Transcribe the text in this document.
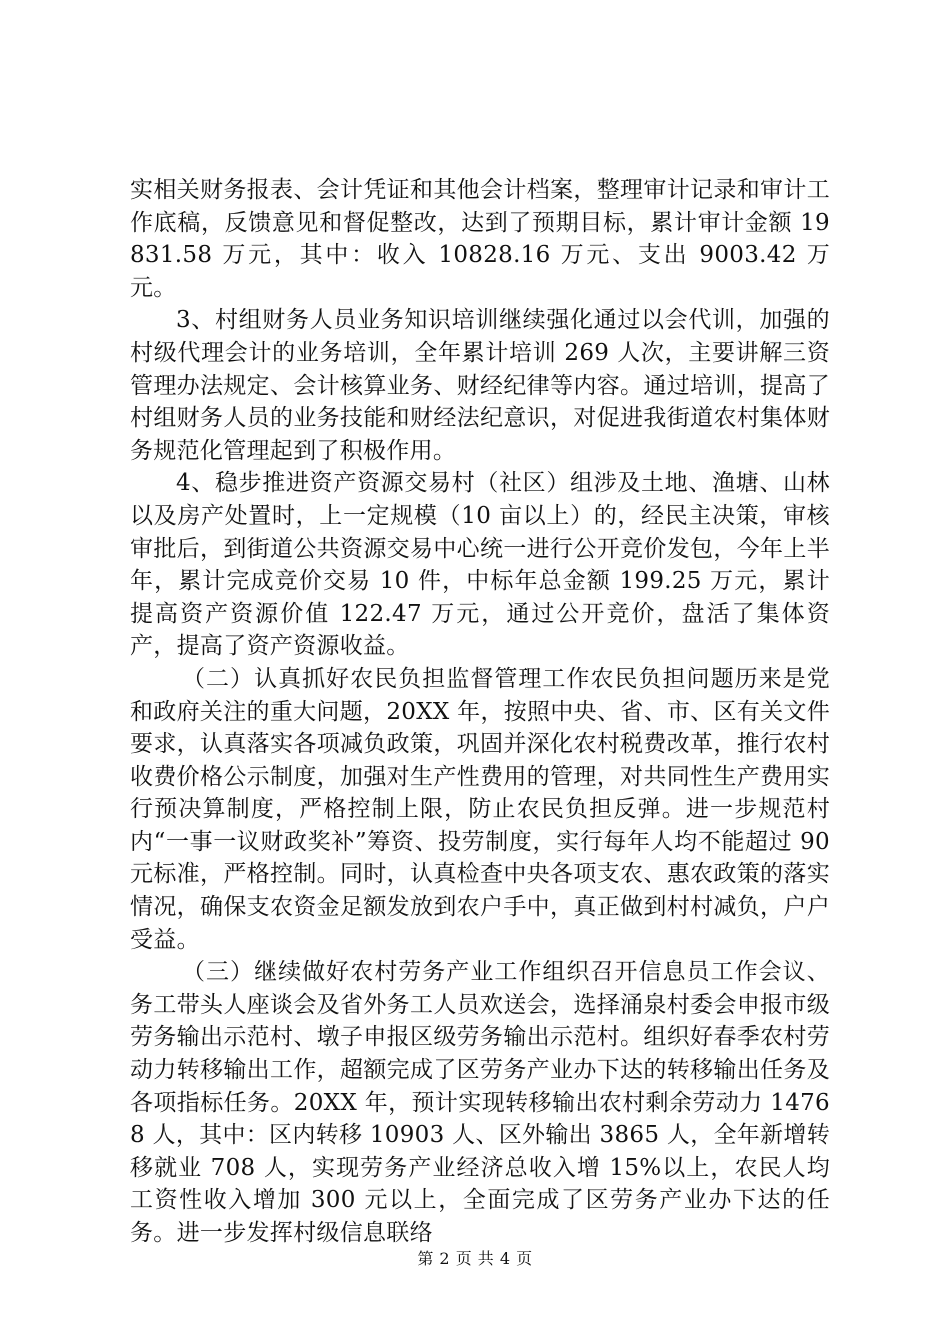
实相关财务报表、会计凭证和其他会计档案，整理审计记录和审计工作底稿，反馈意见和督促整改，达到了预期目标，累计审计金额 19831.58 万元，其中：收入 10828.16 万元、支出 9003.42 万元。

3、村组财务人员业务知识培训继续强化通过以会代训，加强的村级代理会计的业务培训，全年累计培训 269 人次，主要讲解三资管理办法规定、会计核算业务、财经纪律等内容。通过培训，提高了村组财务人员的业务技能和财经法纪意识，对促进我街道农村集体财务规范化管理起到了积极作用。

4、稳步推进资产资源交易村（社区）组涉及土地、渔塘、山林以及房产处置时，上一定规模（10 亩以上）的，经民主决策，审核审批后，到街道公共资源交易中心统一进行公开竞价发包，今年上半年，累计完成竞价交易 10 件，中标年总金额 199.25 万元，累计提高资产资源价值 122.47 万元，通过公开竞价，盘活了集体资产，提高了资产资源收益。

（二）认真抓好农民负担监督管理工作农民负担问题历来是党和政府关注的重大问题，20XX 年，按照中央、省、市、区有关文件要求，认真落实各项减负政策，巩固并深化农村税费改革，推行农村收费价格公示制度，加强对生产性费用的管理，对共同性生产费用实行预决算制度，严格控制上限，防止农民负担反弹。进一步规范村内“一事一议财政奖补”筹资、投劳制度，实行每年人均不能超过 90 元标准，严格控制。同时，认真检查中央各项支农、惠农政策的落实情况，确保支农资金足额发放到农户手中，真正做到村村减负，户户受益。

（三）继续做好农村劳务产业工作组织召开信息员工作会议、务工带头人座谈会及省外务工人员欢送会，选择涌泉村委会申报市级劳务输出示范村、墩子申报区级劳务输出示范村。组织好春季农村劳动力转移输出工作，超额完成了区劳务产业办下达的转移输出任务及各项指标任务。20XX 年，预计实现转移输出农村剩余劳动力 14768 人，其中：区内转移 10903 人、区外输出 3865 人，全年新增转移就业 708 人，实现劳务产业经济总收入增 15%以上，农民人均工资性收入增加 300 元以上，全面完成了区劳务产业办下达的任务。进一步发挥村级信息联络

第 2 页 共 4 页
